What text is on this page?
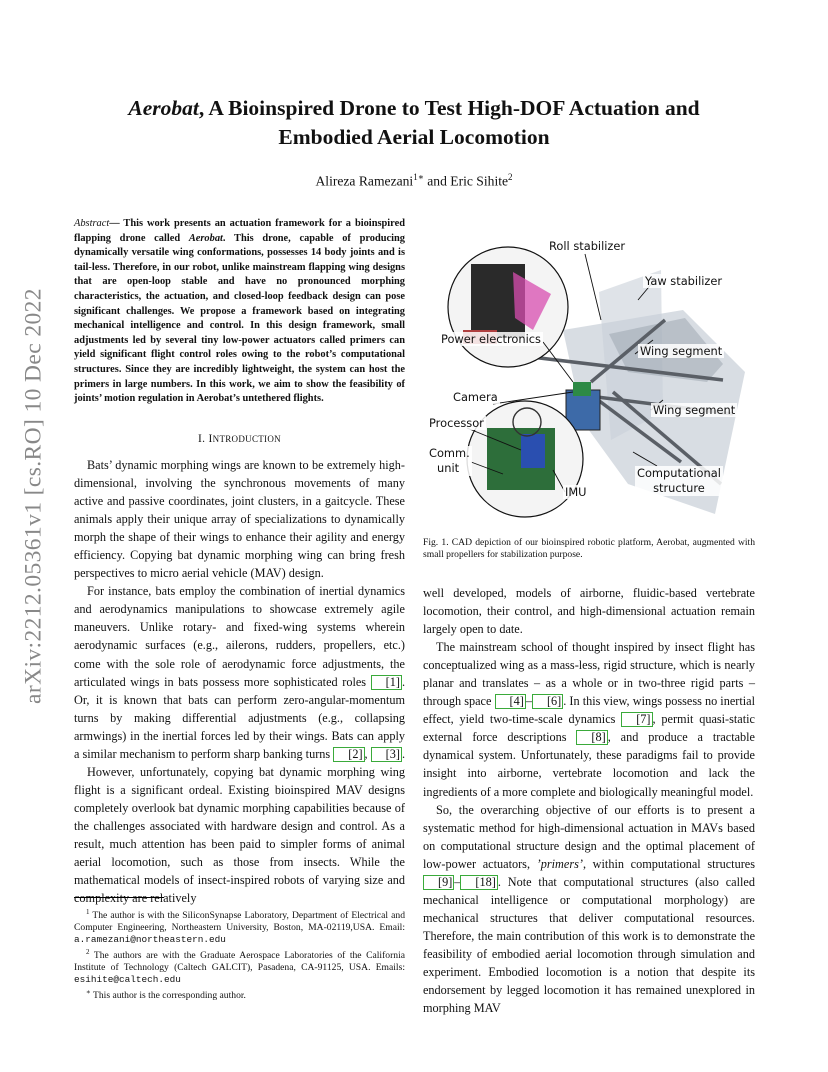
arXiv:2212.05361v1 [cs.RO] 10 Dec 2022
Aerobat, A Bioinspired Drone to Test High-DOF Actuation and
Embodied Aerial Locomotion
Alireza Ramezani$^{1∗}$ and Eric Sihite$^2$
Abstract— This work presents an actuation framework for a bioinspired flapping drone called Aerobat. This drone, capable of producing dynamically versatile wing conformations, possesses 14 body joints and is tail-less. Therefore, in our robot, unlike mainstream flapping wing designs that are open-loop stable and have no pronounced morphing characteristics, the actuation, and closed-loop feedback design can pose significant challenges. We propose a framework based on integrating mechanical intelligence and control. In this design framework, small adjustments led by several tiny low-power actuators called primers can yield significant flight control roles owing to the robot’s computational structures. Since they are incredibly lightweight, the system can host the primers in large numbers. In this work, we aim to show the feasibility of joints’ motion regulation in Aerobat’s untethered flights.
I. INTRODUCTION

Bats’ dynamic morphing wings are known to be extremely high-dimensional, involving the synchronous movements of many active and passive coordinates, joint clusters, in a gaitcycle. These animals apply their unique array of specializations to dynamically morph the shape of their wings to enhance their agility and energy efficiency. Copying bat dynamic morphing wing can bring fresh perspectives to micro aerial vehicle (MAV) design.

For instance, bats employ the combination of inertial dynamics and aerodynamics manipulations to showcase extremely agile maneuvers. Unlike rotary- and fixed-wing systems wherein aerodynamic surfaces (e.g., ailerons, rudders, propellers, etc.) come with the sole role of aerodynamic force adjustments, the articulated wings in bats possess more sophisticated roles [1] . Or, it is known that bats can perform zero-angular-momentum turns by making differential adjustments (e.g., collapsing armwings) in the inertial forces led by their wings. Bats can apply a similar mechanism to perform sharp banking turns [2] , [3] .

However, unfortunately, copying bat dynamic morphing wing flight is a significant ordeal. Existing bioinspired MAV designs completely overlook bat dynamic morphing capabilities because of the challenges associated with hardware design and control. As a result, much attention has been paid to simpler forms of animal aerial locomotion, such as those from insects. While the mathematical models of insect-inspired robots of varying size and complexity are relatively

$^1$ The author is with the SiliconSynapse Laboratory, Department of Electrical and Computer Engineering, Northeastern University, Boston, MA-02119,USA. Email: a.ramezani@northeastern.edu

$^2$ The authors are with the Graduate Aerospace Laboratories of the California Institute of Technology (Caltech GALCIT), Pasadena, CA-91125, USA. Emails: esihite@caltech.edu

∗ This author is the corresponding author.

Roll stabilizer
Yaw stabilizer
Power electronics
Wing segment
Camera
Wing segment
Processor
Comm.
unit	Computational
structure
IMU
Fig. 1. CAD depiction of our bioinspired robotic platform, Aerobat, augmented with small propellers for stabilization purpose.

well developed, models of airborne, fluidic-based vertebrate locomotion, their control, and high-dimensional actuation remain largely open to date.

The mainstream school of thought inspired by insect flight has conceptualized wing as a mass-less, rigid structure, which is nearly planar and translates – as a whole or in two-three rigid parts – through space [4] – [6] . In this view, wings possess no inertial effect, yield two-time-scale dynamics [7] , permit quasi-static external force descriptions [8] , and produce a tractable dynamical system. Unfortunately, these paradigms fail to provide insight into airborne, vertebrate locomotion and lack the ingredients of a more complete and biologically meaningful model.

So, the overarching objective of our efforts is to present a systematic method for high-dimensional actuation in MAVs based on computational structure design and the optimal placement of low-power actuators, ’primers’, within computational structures [9] – [18] . Note that computational structures (also called mechanical intelligence or computational morphology) are mechanical structures that deliver computational resources. Therefore, the main contribution of this work is to demonstrate the feasibility of embodied aerial locomotion through simulation and experiment. Embodied locomotion is a notion that despite its endorsement by legged locomotion it has remained unexplored in morphing MAV
